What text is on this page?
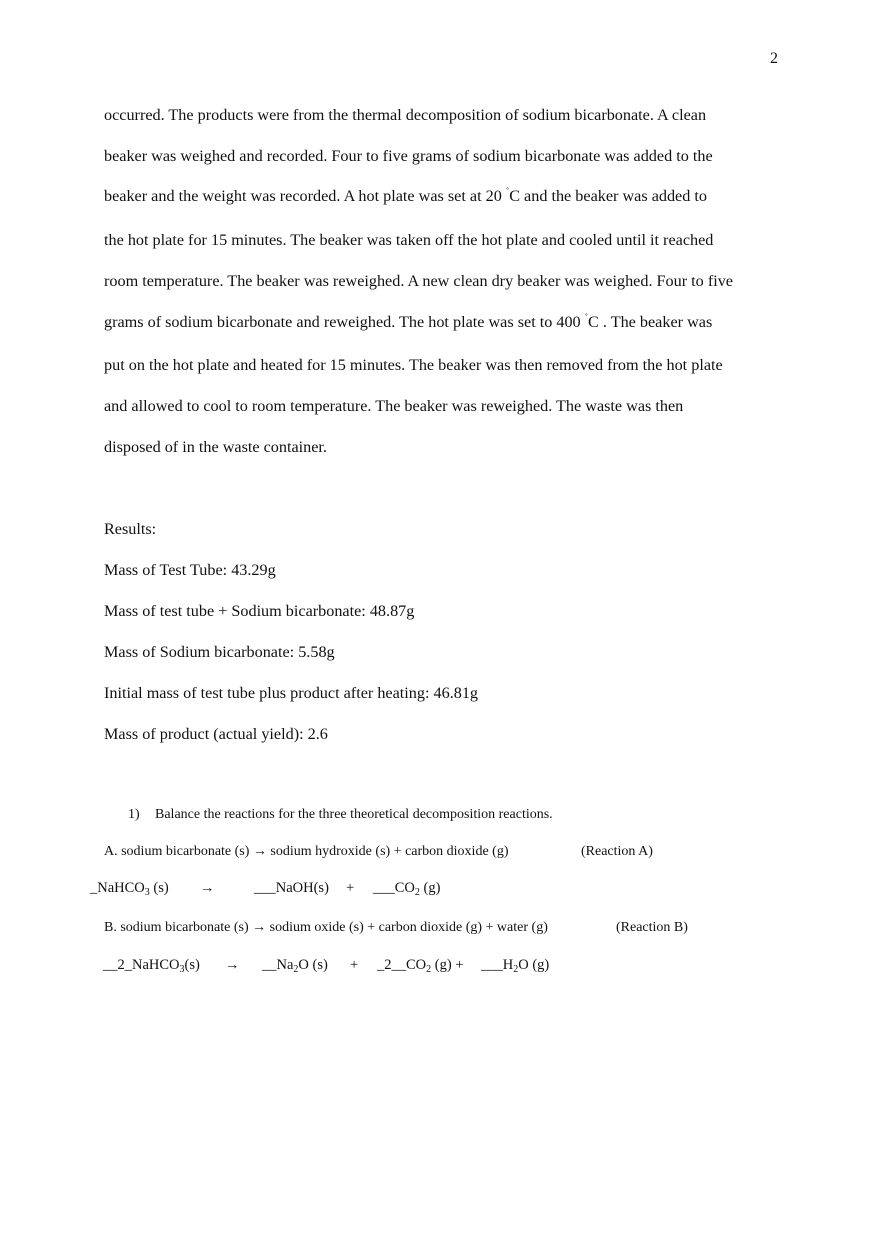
2
occurred. The products were from the thermal decomposition of sodium bicarbonate. A clean
beaker was weighed and recorded. Four to five grams of sodium bicarbonate was added to the
beaker and the weight was recorded. A hot plate was set at 20 ˚C and the beaker was added to
the hot plate for 15 minutes. The beaker was taken off the hot plate and cooled until it reached
room temperature. The beaker was reweighed. A new clean dry beaker was weighed. Four to five
grams of sodium bicarbonate and reweighed. The hot plate was set to 400 ˚C . The beaker was
put on the hot plate and heated for 15 minutes. The beaker was then removed from the hot plate
and allowed to cool to room temperature. The beaker was reweighed. The waste was then
disposed of in the waste container.
Results:
Mass of Test Tube: 43.29g
Mass of test tube + Sodium bicarbonate: 48.87g
Mass of Sodium bicarbonate: 5.58g
Initial mass of test tube plus product after heating: 46.81g
Mass of product (actual yield): 2.6
1) Balance the reactions for the three theoretical decomposition reactions.
A. sodium bicarbonate (s) → sodium hydroxide (s) + carbon dioxide (g)	(Reaction A)
_NaHCO$_3$ (s) →	___NaOH(s) + $\_\_\_CO_2$ (g)
B. sodium bicarbonate (s) → sodium oxide (s) + carbon dioxide (g) + water (g)	(Reaction B)
__2_NaHCO$_3$(s) → $\_\_Na_2O$ $(s) + \_2\_\_CO_2$ $(g) + \_\_\_H_2O$ (g)
